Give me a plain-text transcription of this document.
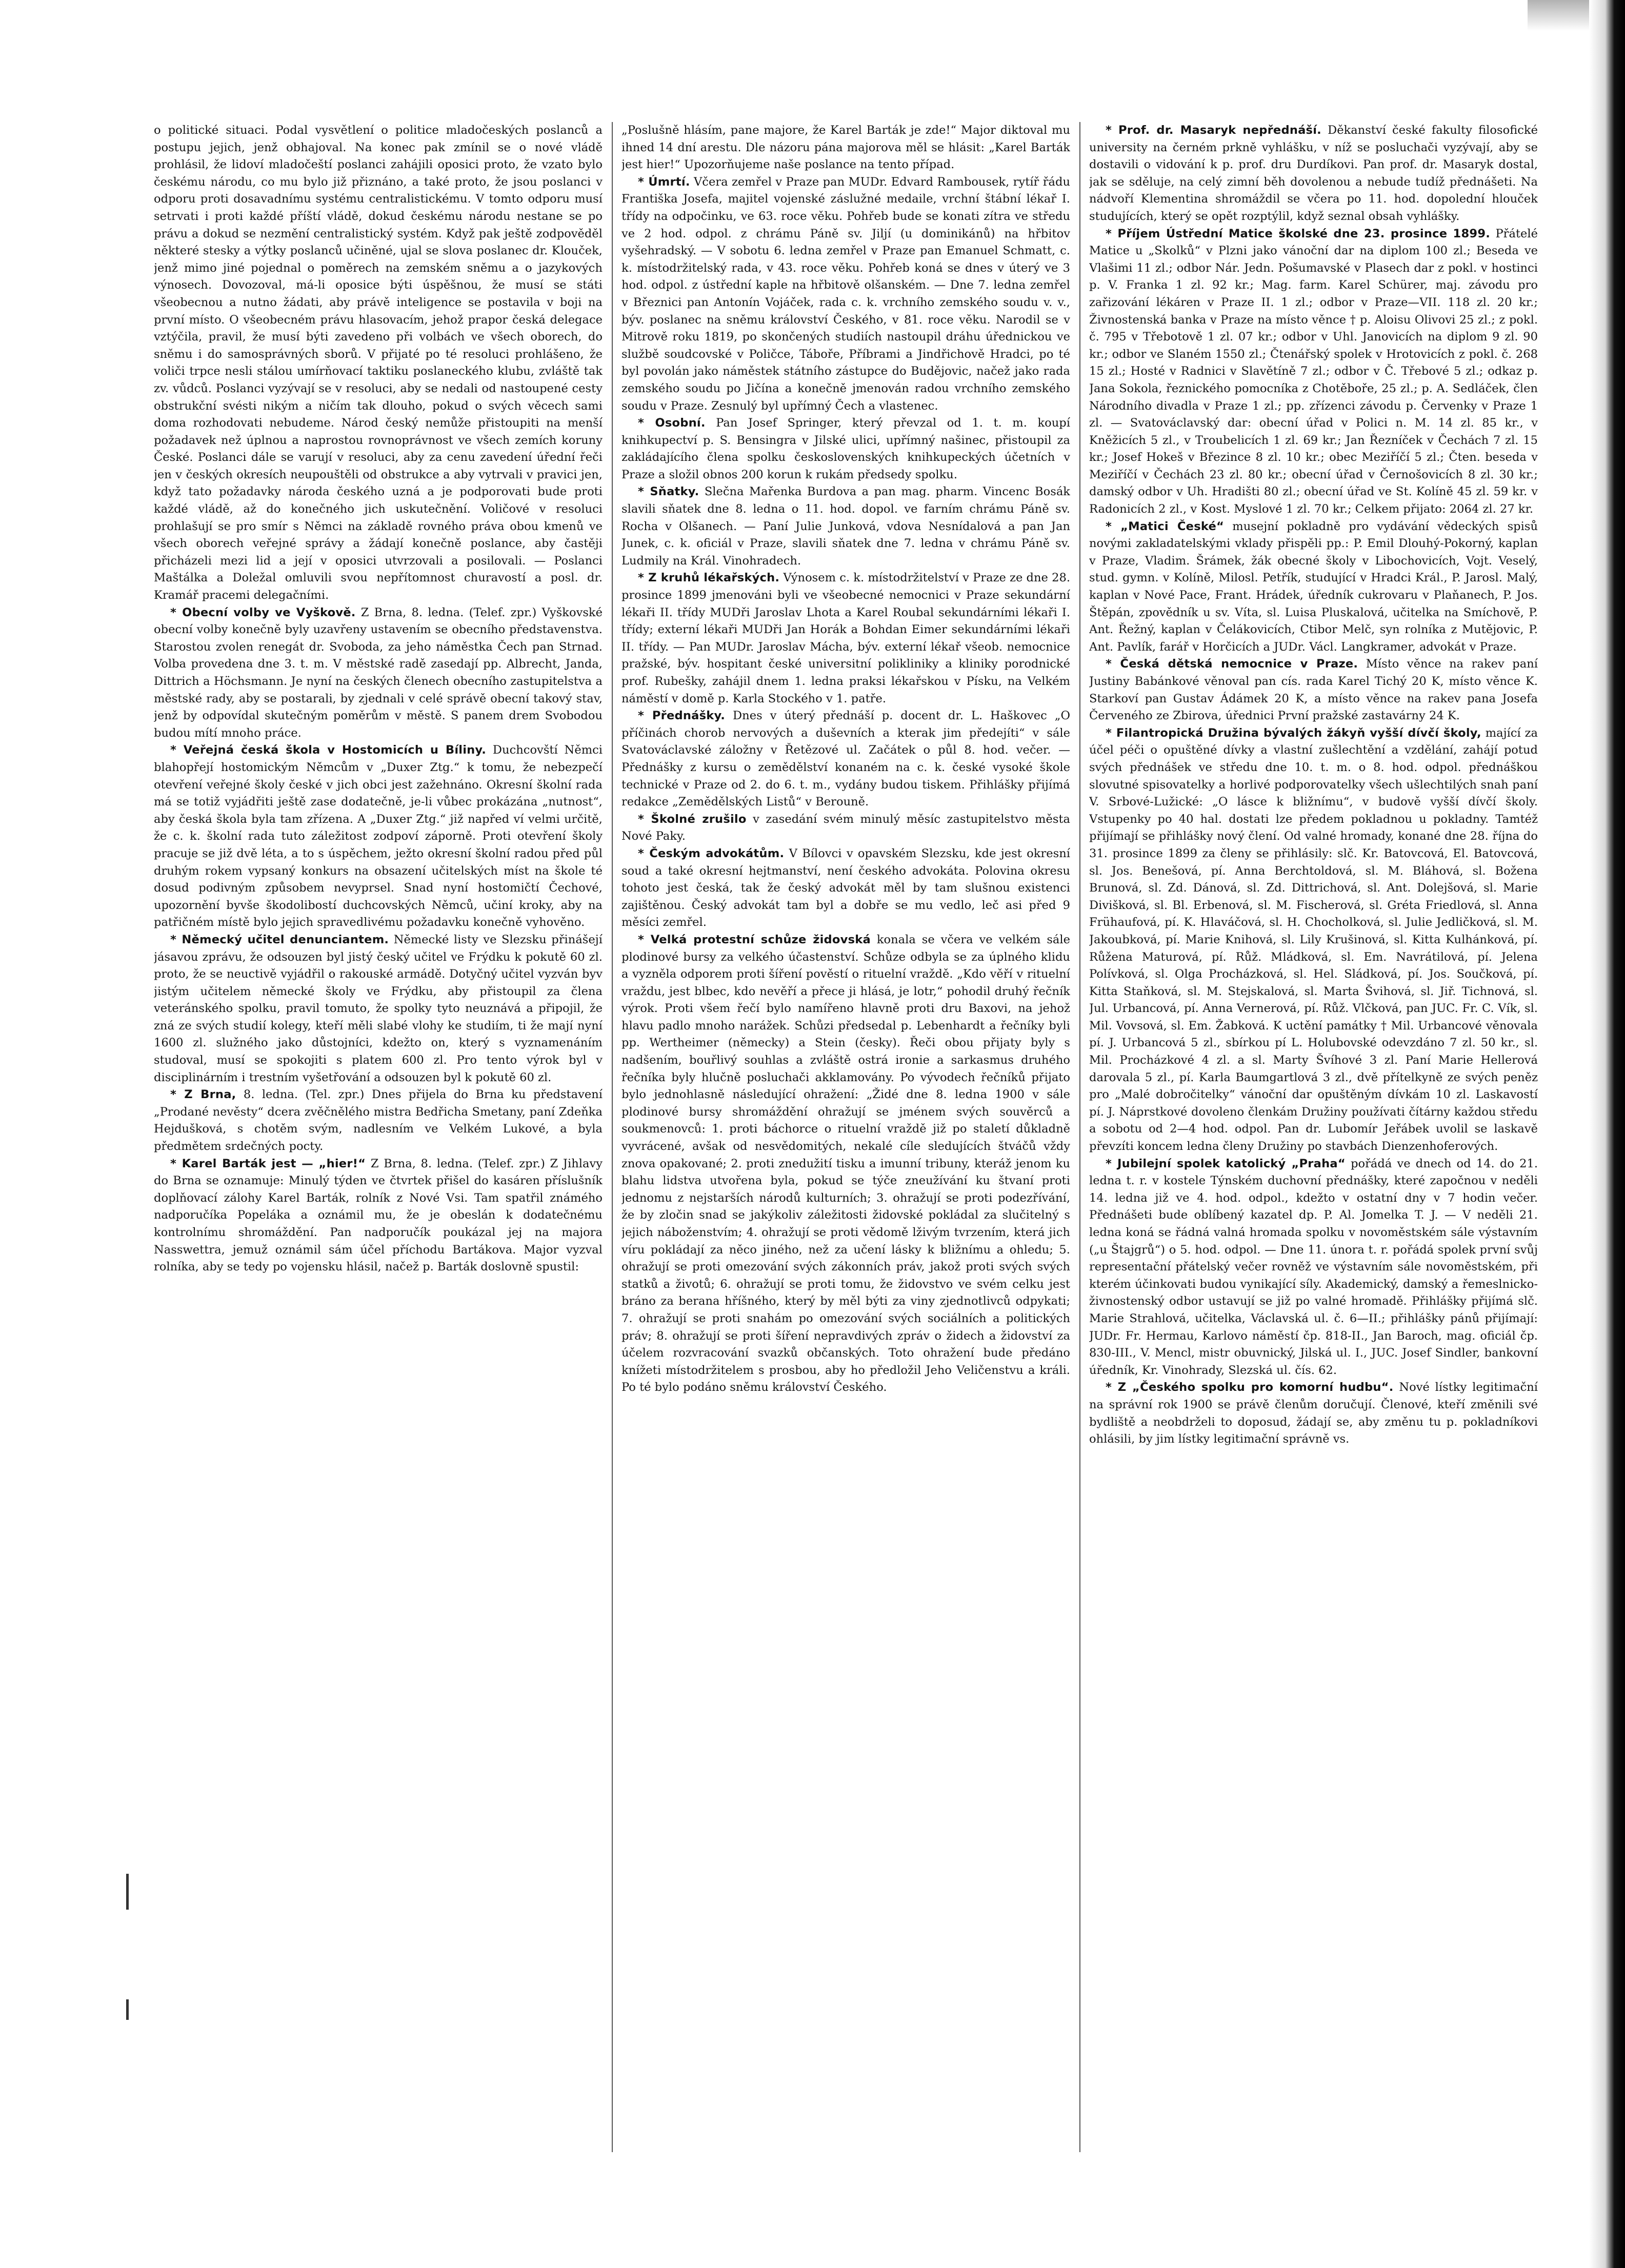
o politické situaci. Podal vysvětlení o politice mladočeských poslanců a postupu jejich, jenž obhajoval. Na konec pak zmínil se o nové vládě prohlásil, že lidoví mladočeští poslanci zahájili oposici proto, že vzato bylo českému národu, co mu bylo již přiznáno, a také proto, že jsou poslanci v odporu proti dosavadnímu systému centralistickému. V tomto odporu musí setrvati i proti každé příští vládě, dokud českému národu nestane se po právu a dokud se nezmění centralistický systém. Když pak ještě zodpověděl některé stesky a výtky poslanců učiněné, ujal se slova poslanec dr. Klouček, jenž mimo jiné pojednal o poměrech na zemském sněmu a o jazykových výnosech. Dovozoval, má-li oposice býti úspěšnou, že musí se státi všeobecnou a nutno žádati, aby právě inteligence se postavila v boji na první místo. O všeobecném právu hlasovacím, jehož prapor česká delegace vztýčila, pravil, že musí býti zavedeno při volbách ve všech oborech, do sněmu i do samosprávných sborů. V přijaté po té resoluci prohlášeno, že voliči trpce nesli stálou umírňovací taktiku poslaneckého klubu, zvláště tak zv. vůdců. Poslanci vyzývají se v resoluci, aby se nedali od nastoupené cesty obstrukční svésti nikým a ničím tak dlouho, pokud o svých věcech sami doma rozhodovati nebudeme. Národ český nemůže přistoupiti na menší požadavek než úplnou a naprostou rovnoprávnost ve všech zemích koruny České. Poslanci dále se varují v resoluci, aby za cenu zavedení úřední řeči jen v českých okresích neupouštěli od obstrukce a aby vytrvali v pravici jen, když tato požadavky národa českého uzná a je podporovati bude proti každé vládě, až do konečného jich uskutečnění. Voličové v resoluci prohlašují se pro smír s Němci na základě rovného práva obou kmenů ve všech oborech veřejné správy a žádají konečně poslance, aby častěji přicházeli mezi lid a její v oposici utvrzovali a posilovali. — Poslanci Maštálka a Doležal omluvili svou nepřítomnost churavostí a posl. dr. Kramář pracemi delegačními.

* Obecní volby ve Vyškově. Z Brna, 8. ledna. (Telef. zpr.) Vyškovské obecní volby konečně byly uzavřeny ustavením se obecního představenstva. Starostou zvolen renegát dr. Svoboda, za jeho náměstka Čech pan Strnad. Volba provedena dne 3. t. m. V městské radě zasedají pp. Albrecht, Janda, Dittrich a Höchsmann. Je nyní na českých členech obecního zastupitelstva a městské rady, aby se postarali, by zjednali v celé správě obecní takový stav, jenž by odpovídal skutečným poměrům v městě. S panem drem Svobodou budou mítí mnoho práce.

* Veřejná česká škola v Hostomicích u Bíliny. Duchcovští Němci blahopřejí hostomickým Němcům v „Duxer Ztg.“ k tomu, že nebezpečí otevření veřejné školy české v jich obci jest zažehnáno. Okresní školní rada má se totiž vyjádřiti ještě zase dodatečně, je-li vůbec prokázána „nutnost“, aby česká škola byla tam zřízena. A „Duxer Ztg.“ již napřed ví velmi určitě, že c. k. školní rada tuto záležitost zodpoví záporně. Proti otevření školy pracuje se již dvě léta, a to s úspěchem, ježto okresní školní radou před půl druhým rokem vypsaný konkurs na obsazení učitelských míst na škole té dosud podivným způsobem nevyprsel. Snad nyní hostomičtí Čechové, upozornění byvše škodolibostí duchcovských Němců, učiní kroky, aby na patřičném místě bylo jejich spravedlivému požadavku konečně vyhověno.

* Německý učitel denunciantem. Německé listy ve Slezsku přinášejí jásavou zprávu, že odsouzen byl jistý český učitel ve Frýdku k pokutě 60 zl. proto, že se neuctivě vyjádřil o rakouské armádě. Dotyčný učitel vyzván byv jistým učitelem německé školy ve Frýdku, aby přistoupil za člena veteránského spolku, pravil tomuto, že spolky tyto neuznává a připojil, že zná ze svých studií kolegy, kteří měli slabé vlohy ke studiím, ti že mají nyní 1600 zl. služného jako důstojníci, kdežto on, který s vyznamenáním studoval, musí se spokojiti s platem 600 zl. Pro tento výrok byl v disciplinárním i trestním vyšetřování a odsouzen byl k pokutě 60 zl.

* Z Brna, 8. ledna. (Tel. zpr.) Dnes přijela do Brna ku představení „Prodané nevěsty“ dcera zvěčnělého mistra Bedřicha Smetany, paní Zdeňka Hejdušková, s chotěm svým, nadlesním ve Velkém Lukové, a byla předmětem srdečných pocty.

* Karel Barták jest — „hier!“ Z Brna, 8. ledna. (Telef. zpr.) Z Jihlavy do Brna se oznamuje: Minulý týden ve čtvrtek přišel do kasáren příslušník doplňovací zálohy Karel Barták, rolník z Nové Vsi. Tam spatřil známého nadporučíka Popeláka a oznámil mu, že je obeslán k dodatečnému kontrolnímu shromáždění. Pan nadporučík poukázal jej na majora Nasswettra, jemuž oznámil sám účel příchodu Bartákova. Major vyzval rolníka, aby se tedy po vojensku hlásil, načež p. Barták doslovně spustil:

„Poslušně hlásím, pane majore, že Karel Barták je zde!“ Major diktoval mu ihned 14 dní arestu. Dle názoru pána majorova měl se hlásit: „Karel Barták jest hier!“ Upozorňujeme naše poslance na tento případ.

* Úmrtí. Včera zemřel v Praze pan MUDr. Edvard Rambousek, rytíř řádu Františka Josefa, majitel vojenské záslužné medaile, vrchní štábní lékař I. třídy na odpočinku, ve 63. roce věku. Pohřeb bude se konati zítra ve středu ve 2 hod. odpol. z chrámu Páně sv. Jiljí (u dominikánů) na hřbitov vyšehradský. — V sobotu 6. ledna zemřel v Praze pan Emanuel Schmatt, c. k. místodržitelský rada, v 43. roce věku. Pohřeb koná se dnes v úterý ve 3 hod. odpol. z ústřední kaple na hřbitově olšanském. — Dne 7. ledna zemřel v Březnici pan Antonín Vojáček, rada c. k. vrchního zemského soudu v. v., býv. poslanec na sněmu království Českého, v 81. roce věku. Narodil se v Mitrově roku 1819, po skončených studiích nastoupil dráhu úřednickou ve službě soudcovské v Poličce, Táboře, Příbrami a Jindřichově Hradci, po té byl povolán jako náměstek státního zástupce do Budějovic, načež jako rada zemského soudu po Jičína a konečně jmenován radou vrchního zemského soudu v Praze. Zesnulý byl upřímný Čech a vlastenec.

* Osobní. Pan Josef Springer, který převzal od 1. t. m. koupí knihkupectví p. S. Bensingra v Jilské ulici, upřímný našinec, přistoupil za zakládajícího člena spolku československých knihkupeckých účetních v Praze a složil obnos 200 korun k rukám předsedy spolku.

* Sňatky. Slečna Mařenka Burdova a pan mag. pharm. Vincenc Bosák slavili sňatek dne 8. ledna o 11. hod. dopol. ve farním chrámu Páně sv. Rocha v Olšanech. — Paní Julie Junková, vdova Nesnídalová a pan Jan Junek, c. k. oficiál v Praze, slavili sňatek dne 7. ledna v chrámu Páně sv. Ludmily na Král. Vinohradech.

* Z kruhů lékařských. Výnosem c. k. místodržitelství v Praze ze dne 28. prosince 1899 jmenováni byli ve všeobecné nemocnici v Praze sekundární lékaři II. třídy MUDři Jaroslav Lhota a Karel Roubal sekundárními lékaři I. třídy; externí lékaři MUDři Jan Horák a Bohdan Eimer sekundárními lékaři II. třídy. — Pan MUDr. Jaroslav Mácha, býv. externí lékař všeob. nemocnice pražské, býv. hospitant české universitní polikliniky a kliniky porodnické prof. Rubešky, zahájil dnem 1. ledna praksi lékařskou v Písku, na Velkém náměstí v domě p. Karla Stockého v 1. patře.

* Přednášky. Dnes v úterý přednáší p. docent dr. L. Haškovec „O příčinách chorob nervových a duševních a kterak jim předejíti“ v sále Svatováclavské záložny v Řetězové ul. Začátek o půl 8. hod. večer. — Přednášky z kursu o zemědělství konaném na c. k. české vysoké škole technické v Praze od 2. do 6. t. m., vydány budou tiskem. Přihlášky přijímá redakce „Zemědělských Listů“ v Berouně.

* Školné zrušilo v zasedání svém minulý měsíc zastupitelstvo města Nové Paky.

* Českým advokátům. V Bílovci v opavském Slezsku, kde jest okresní soud a také okresní hejtmanství, není českého advokáta. Polovina okresu tohoto jest česká, tak že český advokát měl by tam slušnou existenci zajištěnou. Český advokát tam byl a dobře se mu vedlo, leč asi před 9 měsíci zemřel.

* Velká protestní schůze židovská konala se včera ve velkém sále plodinové bursy za velkého účastenství. Schůze odbyla se za úplného klidu a vyzněla odporem proti šíření pověstí o rituelní vraždě. „Kdo věří v rituelní vraždu, jest blbec, kdo nevěří a přece ji hlásá, je lotr,“ pohodil druhý řečník výrok. Proti všem řečí bylo namířeno hlavně proti dru Baxovi, na jehož hlavu padlo mnoho narážek. Schůzi předsedal p. Lebenhardt a řečníky byli pp. Wertheimer (německy) a Stein (česky). Řeči obou přijaty byly s nadšením, bouřlivý souhlas a zvláště ostrá ironie a sarkasmus druhého řečníka byly hlučně posluchači akklamovány. Po vývodech řečníků přijato bylo jednohlasně následující ohražení: „Židé dne 8. ledna 1900 v sále plodinové bursy shromáždění ohražují se jménem svých souvěrců a soukmenovců: 1. proti báchorce o rituelní vraždě již po staletí důkladně vyvrácené, avšak od nesvědomitých, nekalé cíle sledujících štváčů vždy znova opakované; 2. proti znedužití tisku a imunní tribuny, kteráž jenom ku blahu lidstva utvořena byla, pokud se týče zneužívání ku štvaní proti jednomu z nejstarších národů kulturních; 3. ohražují se proti podezřívání, že by zločin snad se jakýkoliv záležitosti židovské pokládal za slučitelný s jejich náboženstvím; 4. ohražují se proti vědomě lživým tvrzením, která jich víru pokládají za něco jiného, než za učení lásky k bližnímu a ohledu; 5. ohražují se proti omezování svých zákonních práv, jakož proti svých svých statků a životů; 6. ohražují se proti tomu, že židovstvo ve svém celku jest bráno za berana hříšného, který by měl býti za viny zjednotlivců odpykati; 7. ohražují se proti snahám po omezování svých sociálních a politických práv; 8. ohražují se proti šíření nepravdivých zpráv o židech a židovství za účelem rozvracování svazků občanských. Toto ohražení bude předáno knížeti místodržitelem s prosbou, aby ho předložil Jeho Veličenstvu a králi. Po té bylo podáno sněmu království Českého.

* Prof. dr. Masaryk nepřednáší. Děkanství české fakulty filosofické university na černém prkně vyhlášku, v níž se posluchači vyzývají, aby se dostavili o vidování k p. prof. dru Durdíkovi. Pan prof. dr. Masaryk dostal, jak se sděluje, na celý zimní běh dovolenou a nebude tudíž přednášeti. Na nádvoří Klementina shromáždil se včera po 11. hod. dopolední hlouček studujících, který se opět rozptýlil, když seznal obsah vyhlášky.

* Příjem Ústřední Matice školské dne 23. prosince 1899. Přátelé Matice u „Skolků“ v Plzni jako vánoční dar na diplom 100 zl.; Beseda ve Vlašimi 11 zl.; odbor Nár. Jedn. Pošumavské v Plasech dar z pokl. v hostinci p. V. Franka 1 zl. 92 kr.; Mag. farm. Karel Schürer, maj. závodu pro zařizování lékáren v Praze II. 1 zl.; odbor v Praze—VII. 118 zl. 20 kr.; Živnostenská banka v Praze na místo věnce † p. Aloisu Olivovi 25 zl.; z pokl. č. 795 v Třebotově 1 zl. 07 kr.; odbor v Uhl. Janovicích na diplom 9 zl. 90 kr.; odbor ve Slaném 1550 zl.; Čtenářský spolek v Hrotovicích z pokl. č. 268 15 zl.; Hosté v Radnici v Slavětíně 7 zl.; odbor v Č. Třebové 5 zl.; odkaz p. Jana Sokola, řeznického pomocníka z Chotěboře, 25 zl.; p. A. Sedláček, člen Národního divadla v Praze 1 zl.; pp. zřízenci závodu p. Červenky v Praze 1 zl. — Svatováclavský dar: obecní úřad v Polici n. M. 14 zl. 85 kr., v Kněžicích 5 zl., v Troubelicích 1 zl. 69 kr.; Jan Řezníček v Čechách 7 zl. 15 kr.; Josef Hokeš v Březince 8 zl. 10 kr.; obec Meziříčí 5 zl.; Čten. beseda v Meziříčí v Čechách 23 zl. 80 kr.; obecní úřad v Černošovicích 8 zl. 30 kr.; damský odbor v Uh. Hradišti 80 zl.; obecní úřad ve St. Kolíně 45 zl. 59 kr. v Radonicích 2 zl., v Kost. Myslové 1 zl. 70 kr.; Celkem přijato: 2064 zl. 27 kr.

* „Matici České“ musejní pokladně pro vydávání vědeckých spisů novými zakladatelskými vklady přispěli pp.: P. Emil Dlouhý-Pokorný, kaplan v Praze, Vladim. Šrámek, žák obecné školy v Libochovicích, Vojt. Veselý, stud. gymn. v Kolíně, Milosl. Petřík, studující v Hradci Král., P. Jarosl. Malý, kaplan v Nové Pace, Frant. Hrádek, úředník cukrovaru v Plaňanech, P. Jos. Štěpán, zpovědník u sv. Víta, sl. Luisa Pluskalová, učitelka na Smíchově, P. Ant. Řežný, kaplan v Čelákovicích, Ctibor Melč, syn rolníka z Mutějovic, P. Ant. Pavlík, farář v Horčicích a JUDr. Václ. Langkramer, advokát v Praze.

* Česká dětská nemocnice v Praze. Místo věnce na rakev paní Justiny Babánkové věnoval pan cís. rada Karel Tichý 20 K, místo věnce K. Starkoví pan Gustav Ádámek 20 K, a místo věnce na rakev pana Josefa Červeného ze Zbirova, úřednici První pražské zastavárny 24 K.

* Filantropická Družina bývalých žákyň vyšší dívčí školy, mající za účel péči o opuštěné dívky a vlastní zušlechtění a vzdělání, zahájí potud svých přednášek ve středu dne 10. t. m. o 8. hod. odpol. přednáškou slovutné spisovatelky a horlivé podporovatelky všech ušlechtilých snah paní V. Srbové-Lužické: „O lásce k bližnímu“, v budově vyšší dívčí školy. Vstupenky po 40 hal. dostati lze předem pokladnou u pokladny. Tamtéž přijímají se přihlášky nový člení. Od valné hromady, konané dne 28. října do 31. prosince 1899 za členy se přihlásily: slč. Kr. Batovcová, El. Batovcová, sl. Jos. Benešová, pí. Anna Berchtoldová, sl. M. Bláhová, sl. Božena Brunová, sl. Zd. Dánová, sl. Zd. Dittrichová, sl. Ant. Dolejšová, sl. Marie Divišková, sl. Bl. Erbenová, sl. M. Fischerová, sl. Gréta Friedlová, sl. Anna Frühaufová, pí. K. Hlaváčová, sl. H. Chocholková, sl. Julie Jedličková, sl. M. Jakoubková, pí. Marie Knihová, sl. Lily Krušinová, sl. Kitta Kulhánková, pí. Růžena Maturová, pí. Růž. Mládková, sl. Em. Navrátilová, pí. Jelena Polívková, sl. Olga Procházková, sl. Hel. Sládková, pí. Jos. Součková, pí. Kitta Staňková, sl. M. Stejskalová, sl. Marta Švihová, sl. Jiř. Tichnová, sl. Jul. Urbancová, pí. Anna Vernerová, pí. Růž. Vlčková, pan JUC. Fr. C. Vík, sl. Mil. Vovsová, sl. Em. Žabková. K uctění památky † Mil. Urbancové věnovala pí. J. Urbancová 5 zl., sbírkou pí L. Holubovské odevzdáno 7 zl. 50 kr., sl. Mil. Procházkové 4 zl. a sl. Marty Švíhové 3 zl. Paní Marie Hellerová darovala 5 zl., pí. Karla Baumgartlová 3 zl., dvě přítelkyně ze svých peněz pro „Malé dobročitelky“ vánoční dar opuštěným dívkám 10 zl. Laskavostí pí. J. Náprstkové dovoleno členkám Družiny používati čítárny každou středu a sobotu od 2—4 hod. odpol. Pan dr. Lubomír Jeřábek uvolil se laskavě převzíti koncem ledna členy Družiny po stavbách Dienzenhoferových.

* Jubilejní spolek katolický „Praha“ pořádá ve dnech od 14. do 21. ledna t. r. v kostele Týnském duchovní přednášky, které započnou v neděli 14. ledna již ve 4. hod. odpol., kdežto v ostatní dny v 7 hodin večer. Přednášeti bude oblíbený kazatel dp. P. Al. Jomelka T. J. — V neděli 21. ledna koná se řádná valná hromada spolku v novoměstském sále výstavním („u Štajgrů“) o 5. hod. odpol. — Dne 11. února t. r. pořádá spolek první svůj representační přátelský večer rovněž ve výstavním sále novoměstském, při kterém účinkovati budou vynikající síly. Akademický, damský a řemeslnicko-živnostenský odbor ustavují se již po valné hromadě. Přihlášky přijímá slč. Marie Strahlová, učitelka, Václavská ul. č. 6—II.; přihlášky pánů přijímají: JUDr. Fr. Hermau, Karlovo náměstí čp. 818-II., Jan Baroch, mag. oficiál čp. 830-III., V. Mencl, mistr obuvnický, Jilská ul. I., JUC. Josef Sindler, bankovní úředník, Kr. Vinohrady, Slezská ul. čís. 62.

* Z „Českého spolku pro komorní hudbu“. Nové lístky legitimační na správní rok 1900 se právě členům doručují. Členové, kteří změnili své bydliště a neobdrželi to doposud, žádají se, aby změnu tu p. pokladníkovi ohlásili, by jim lístky legitimační správně vs.
